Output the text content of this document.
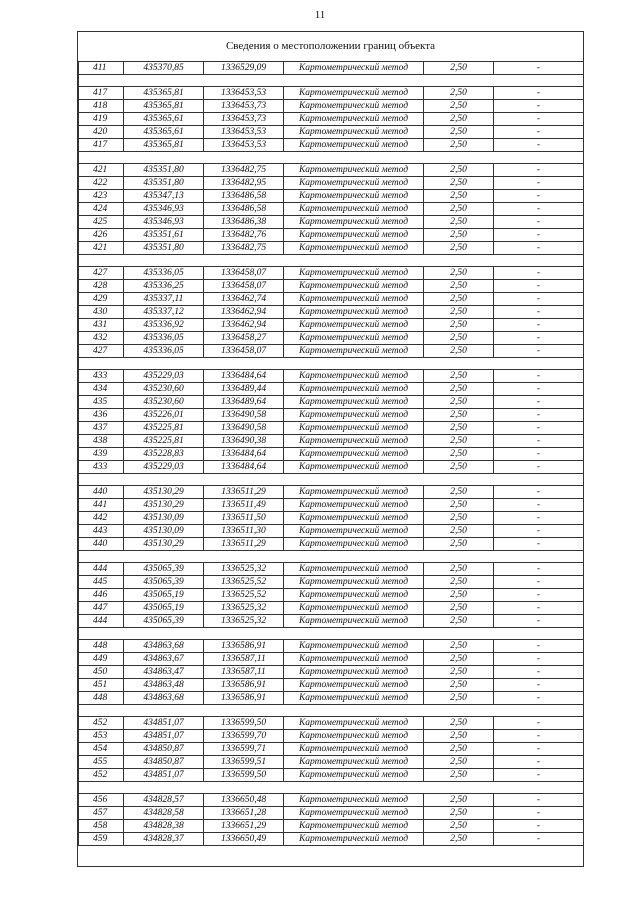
11
Сведения о местоположении границ объекта
411	435370,85	1336529,09	Картометрический метод	2,50	-

417	435365,81	1336453,53	Картометрический метод	2,50	-
418	435365,81	1336453,73	Картометрический метод	2,50	-
419	435365,61	1336453,73	Картометрический метод	2,50	-
420	435365,61	1336453,53	Картометрический метод	2,50	-
417	435365,81	1336453,53	Картометрический метод	2,50	-

421	435351,80	1336482,75	Картометрический метод	2,50	-
422	435351,80	1336482,95	Картометрический метод	2,50	-
423	435347,13	1336486,58	Картометрический метод	2,50	-
424	435346,93	1336486,58	Картометрический метод	2,50	-
425	435346,93	1336486,38	Картометрический метод	2,50	-
426	435351,61	1336482,76	Картометрический метод	2,50	-
421	435351,80	1336482,75	Картометрический метод	2,50	-

427	435336,05	1336458,07	Картометрический метод	2,50	-
428	435336,25	1336458,07	Картометрический метод	2,50	-
429	435337,11	1336462,74	Картометрический метод	2,50	-
430	435337,12	1336462,94	Картометрический метод	2,50	-
431	435336,92	1336462,94	Картометрический метод	2,50	-
432	435336,05	1336458,27	Картометрический метод	2,50	-
427	435336,05	1336458,07	Картометрический метод	2,50	-

433	435229,03	1336484,64	Картометрический метод	2,50	-
434	435230,60	1336489,44	Картометрический метод	2,50	-
435	435230,60	1336489,64	Картометрический метод	2,50	-
436	435226,01	1336490,58	Картометрический метод	2,50	-
437	435225,81	1336490,58	Картометрический метод	2,50	-
438	435225,81	1336490,38	Картометрический метод	2,50	-
439	435228,83	1336484,64	Картометрический метод	2,50	-
433	435229,03	1336484,64	Картометрический метод	2,50	-

440	435130,29	1336511,29	Картометрический метод	2,50	-
441	435130,29	1336511,49	Картометрический метод	2,50	-
442	435130,09	1336511,50	Картометрический метод	2,50	-
443	435130,09	1336511,30	Картометрический метод	2,50	-
440	435130,29	1336511,29	Картометрический метод	2,50	-

444	435065,39	1336525,32	Картометрический метод	2,50	-
445	435065,39	1336525,52	Картометрический метод	2,50	-
446	435065,19	1336525,52	Картометрический метод	2,50	-
447	435065,19	1336525,32	Картометрический метод	2,50	-
444	435065,39	1336525,32	Картометрический метод	2,50	-

448	434863,68	1336586,91	Картометрический метод	2,50	-
449	434863,67	1336587,11	Картометрический метод	2,50	-
450	434863,47	1336587,11	Картометрический метод	2,50	-
451	434863,48	1336586,91	Картометрический метод	2,50	-
448	434863,68	1336586,91	Картометрический метод	2,50	-

452	434851,07	1336599,50	Картометрический метод	2,50	-
453	434851,07	1336599,70	Картометрический метод	2,50	-
454	434850,87	1336599,71	Картометрический метод	2,50	-
455	434850,87	1336599,51	Картометрический метод	2,50	-
452	434851,07	1336599,50	Картометрический метод	2,50	-

456	434828,57	1336650,48	Картометрический метод	2,50	-
457	434828,58	1336651,28	Картометрический метод	2,50	-
458	434828,38	1336651,29	Картометрический метод	2,50	-
459	434828,37	1336650,49	Картометрический метод	2,50	-
